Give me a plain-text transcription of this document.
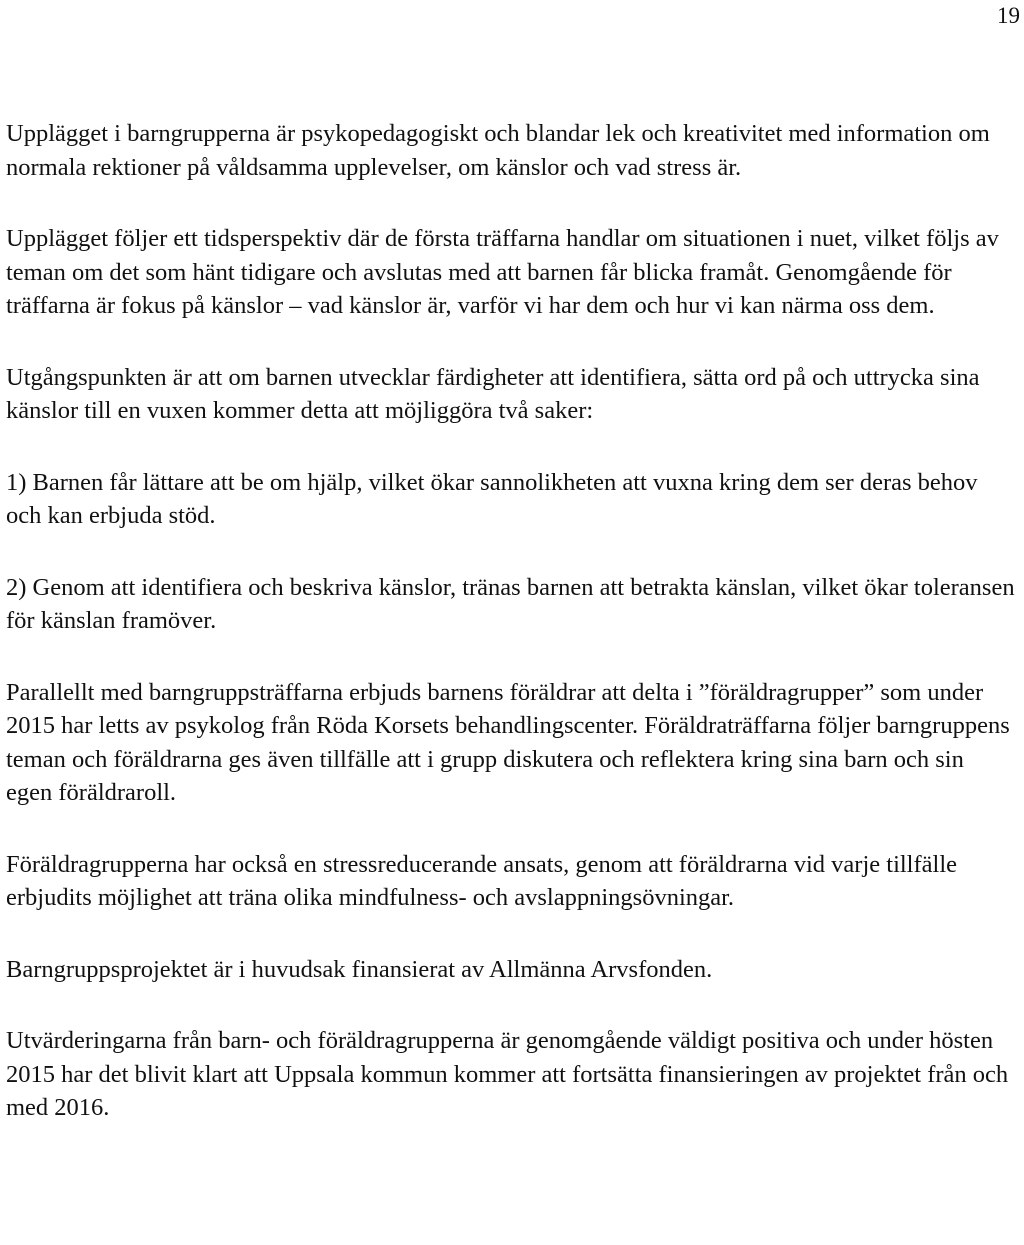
19

Upplägget i barngrupperna är psykopedagogiskt och blandar lek och kreativitet med information om normala rektioner på våldsamma upplevelser, om känslor och vad stress är.

Upplägget följer ett tidsperspektiv där de första träffarna handlar om situationen i nuet, vilket följs av teman om det som hänt tidigare och avslutas med att barnen får blicka framåt. Genomgående för träffarna är fokus på känslor – vad känslor är, varför vi har dem och hur vi kan närma oss dem.

Utgångspunkten är att om barnen utvecklar färdigheter att identifiera, sätta ord på och uttrycka sina känslor till en vuxen kommer detta att möjliggöra två saker:

1) Barnen får lättare att be om hjälp, vilket ökar sannolikheten att vuxna kring dem ser deras behov och kan erbjuda stöd.

2) Genom att identifiera och beskriva känslor, tränas barnen att betrakta känslan, vilket ökar toleransen för känslan framöver.

Parallellt med barngruppsträffarna erbjuds barnens föräldrar att delta i ”föräldragrupper” som under 2015 har letts av psykolog från Röda Korsets behandlingscenter. Föräldraträffarna följer barngruppens teman och föräldrarna ges även tillfälle att i grupp diskutera och reflektera kring sina barn och sin egen föräldraroll.

Föräldragrupperna har också en stressreducerande ansats, genom att föräldrarna vid varje tillfälle erbjudits möjlighet att träna olika mindfulness- och avslappningsövningar.

Barngruppsprojektet är i huvudsak finansierat av Allmänna Arvsfonden.

Utvärderingarna från barn- och föräldragrupperna är genomgående väldigt positiva och under hösten 2015 har det blivit klart att Uppsala kommun kommer att fortsätta finansieringen av projektet från och med 2016.
